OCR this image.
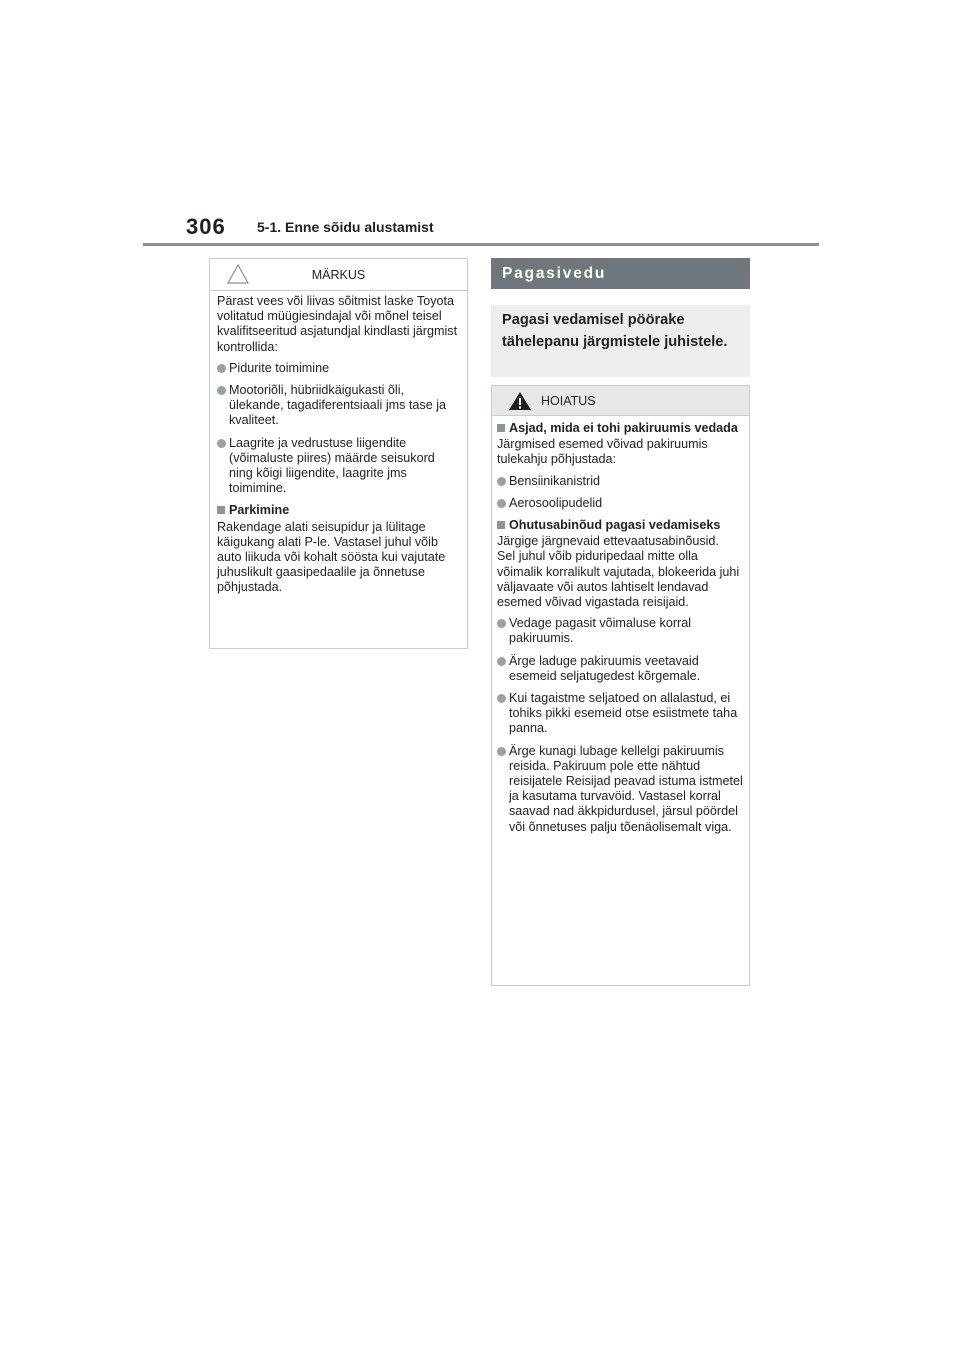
306 5-1. Enne sõidu alustamist
MÄRKUS

Pärast vees või liivas sõitmist laske Toyota volitatud müügiesindajal või mõnel teisel kvalifitseeritud asjatundjal kindlasti järgmist kontrollida:

Pidurite toimimine
Mootoriõli, hübriidkäigukasti õli, ülekande, tagadiferentsiaali jms tase ja kvaliteet.
Laagrite ja vedrustuse liigendite (võimaluste piires) määrde seisukord ning kõigi liigendite, laagrite jms toimimine.
Parkimine

Rakendage alati seisupidur ja lülitage käigukang alati P-le. Vastasel juhul võib auto liikuda või kohalt söösta kui vajutate juhuslikult gaasipedaalile ja õnnetuse põhjustada.

Pagasivedu
Pagasi vedamisel pöörake tähelepanu järgmistele juhistele.
HOIATUS
Asjad, mida ei tohi pakiruumis vedada

Järgmised esemed võivad pakiruumis tulekahju põhjustada:

Bensiinikanistrid
Aerosoolipudelid
Ohutusabinõud pagasi vedamiseks

Järgige järgnevaid ettevaatusabinõusid.

Sel juhul võib piduripedaal mitte olla võimalik korralikult vajutada, blokeerida juhi väljavaate või autos lahtiselt lendavad esemed võivad vigastada reisijaid.

Vedage pagasit võimaluse korral pakiruumis.
Ärge laduge pakiruumis veetavaid esemeid seljatugedest kõrgemale.
Kui tagaistme seljatoed on allalastud, ei tohiks pikki esemeid otse esiistmete taha panna.
Ärge kunagi lubage kellelgi pakiruumis reisida. Pakiruum pole ette nähtud reisijatele Reisijad peavad istuma istmetel ja kasutama turvavöid. Vastasel korral saavad nad äkkpidurdusel, järsul pöördel või õnnetuses palju tõenäolisemalt viga.
